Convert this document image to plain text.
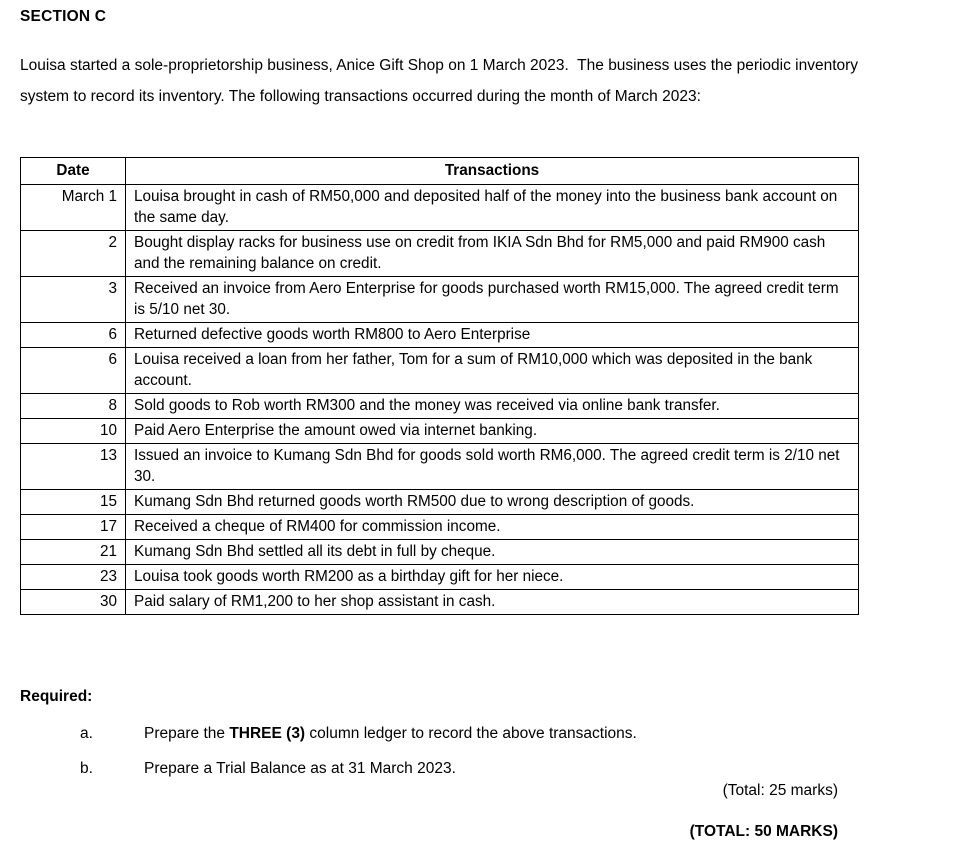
SECTION C
Louisa started a sole-proprietorship business, Anice Gift Shop on 1 March 2023.  The business uses the periodic inventory system to record its inventory. The following transactions occurred during the month of March 2023:
Date	Transactions
March 1	Louisa brought in cash of RM50,000 and deposited half of the money into the business bank account on the same day.
2	Bought display racks for business use on credit from IKIA Sdn Bhd for RM5,000 and paid RM900 cash and the remaining balance on credit.
3	Received an invoice from Aero Enterprise for goods purchased worth RM15,000. The agreed credit term is 5/10 net 30.
6	Returned defective goods worth RM800 to Aero Enterprise
6	Louisa received a loan from her father, Tom for a sum of RM10,000 which was deposited in the bank account.
8	Sold goods to Rob worth RM300 and the money was received via online bank transfer.
10	Paid Aero Enterprise the amount owed via internet banking.
13	Issued an invoice to Kumang Sdn Bhd for goods sold worth RM6,000. The agreed credit term is 2/10 net 30.
15	Kumang Sdn Bhd returned goods worth RM500 due to wrong description of goods.
17	Received a cheque of RM400 for commission income.
21	Kumang Sdn Bhd settled all its debt in full by cheque.
23	Louisa took goods worth RM200 as a birthday gift for her niece.
30	Paid salary of RM1,200 to her shop assistant in cash.
Required:
a.	Prepare the THREE (3) column ledger to record the above transactions.
b.	Prepare a Trial Balance as at 31 March 2023.
(Total: 25 marks)
(TOTAL: 50 MARKS)
